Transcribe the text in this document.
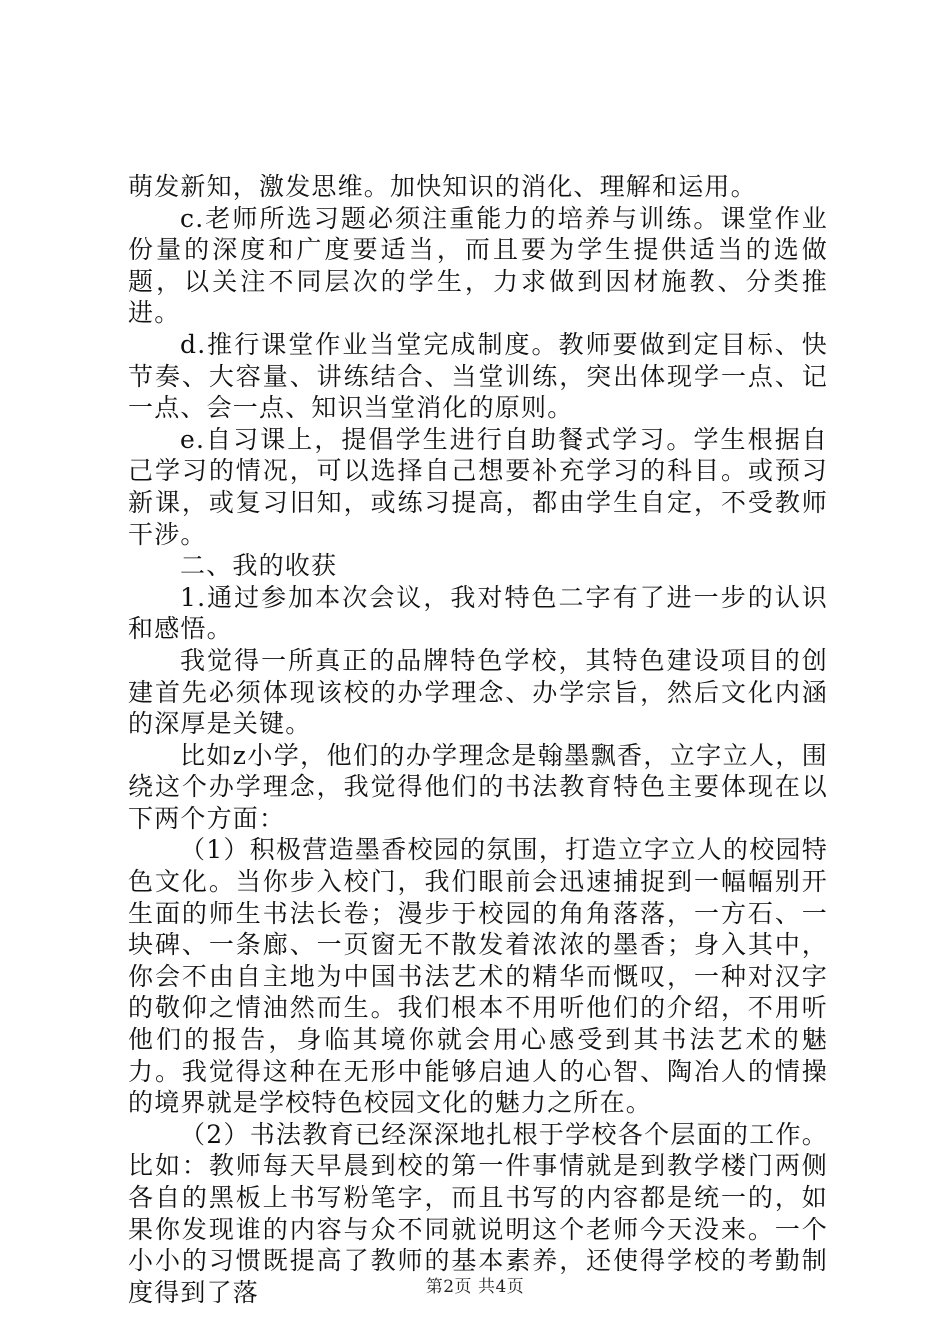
萌发新知，激发思维。加快知识的消化、理解和运用。

c.老师所选习题必须注重能力的培养与训练。课堂作业份量的深度和广度要适当，而且要为学生提供适当的选做题，以关注不同层次的学生，力求做到因材施教、分类推进。

d.推行课堂作业当堂完成制度。教师要做到定目标、快节奏、大容量、讲练结合、当堂训练，突出体现学一点、记一点、会一点、知识当堂消化的原则。

e.自习课上，提倡学生进行自助餐式学习。学生根据自己学习的情况，可以选择自己想要补充学习的科目。或预习新课，或复习旧知，或练习提高，都由学生自定，不受教师干涉。

二、我的收获

1.通过参加本次会议，我对特色二字有了进一步的认识和感悟。

我觉得一所真正的品牌特色学校，其特色建设项目的创建首先必须体现该校的办学理念、办学宗旨，然后文化内涵的深厚是关键。

比如z小学，他们的办学理念是翰墨飘香，立字立人，围绕这个办学理念，我觉得他们的书法教育特色主要体现在以下两个方面：

（1）积极营造墨香校园的氛围，打造立字立人的校园特色文化。当你步入校门，我们眼前会迅速捕捉到一幅幅别开生面的师生书法长卷；漫步于校园的角角落落，一方石、一块碑、一条廊、一页窗无不散发着浓浓的墨香；身入其中，你会不由自主地为中国书法艺术的精华而慨叹，一种对汉字的敬仰之情油然而生。我们根本不用听他们的介绍，不用听他们的报告，身临其境你就会用心感受到其书法艺术的魅力。我觉得这种在无形中能够启迪人的心智、陶冶人的情操的境界就是学校特色校园文化的魅力之所在。

（2）书法教育已经深深地扎根于学校各个层面的工作。比如：教师每天早晨到校的第一件事情就是到教学楼门两侧各自的黑板上书写粉笔字，而且书写的内容都是统一的，如果你发现谁的内容与众不同就说明这个老师今天没来。一个小小的习惯既提高了教师的基本素养，还使得学校的考勤制度得到了落	第2页 共4页
